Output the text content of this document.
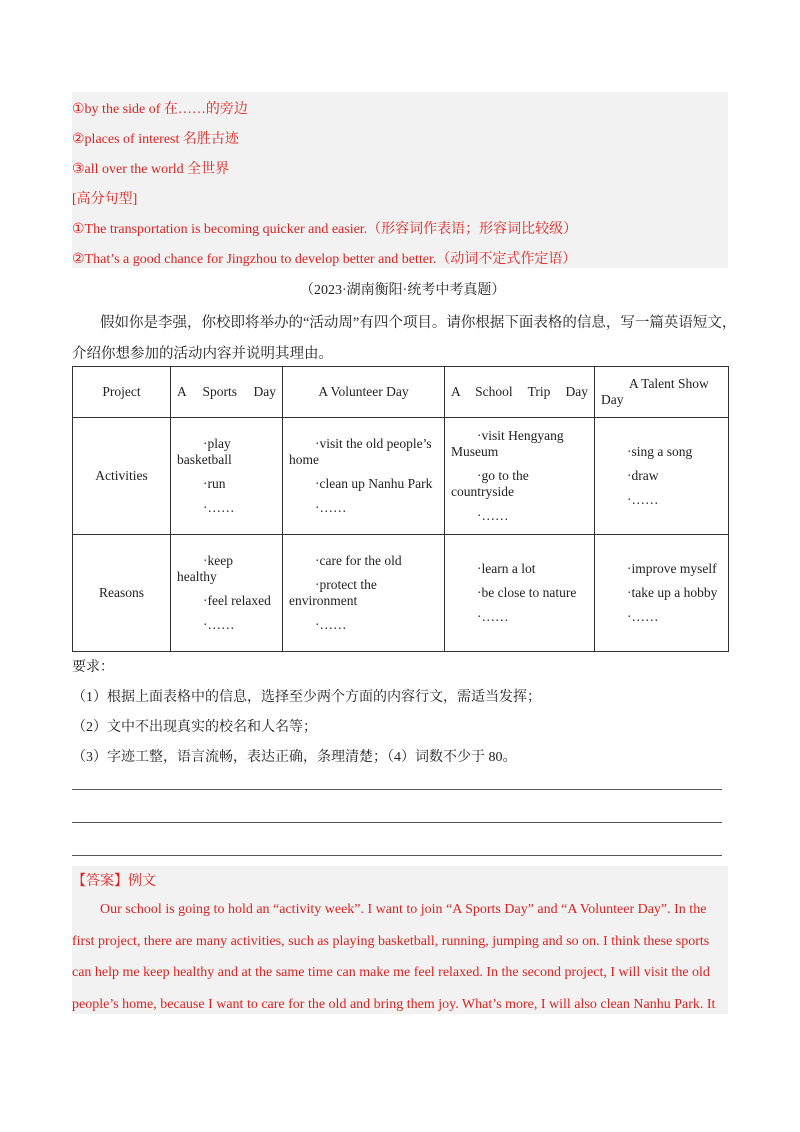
①by the side of 在……的旁边
②places of interest 名胜古迹
③all over the world 全世界
[高分句型]
①The transportation is becoming quicker and easier.（形容词作表语；形容词比较级）
②That’s a good chance for Jingzhou to develop better and better.（动词不定式作定语）
（2023·湖南衡阳·统考中考真题）
假如你是李强，你校即将举办的“活动周”有四个项目。请你根据下面表格的信息，写一篇英语短文，
介绍你想参加的活动内容并说明其理由。
Project	A Sports Day	A Volunteer Day	A School Trip Day	A Talent Show Day
Activities	·play basketball
·run
·……	·visit the old people’s home
·clean up Nanhu Park
·……	·visit Hengyang Museum
·go to the countryside
·……	·sing a song
·draw
·……

Reasons	·keep healthy
·feel relaxed
·……	·care for the old
·protect the environment
·……	·learn a lot
·be close to nature
·……	·improve myself
·take up a hobby
·……
要求：
（1）根据上面表格中的信息，选择至少两个方面的内容行文，需适当发挥；
（2）文中不出现真实的校名和人名等；
（3）字迹工整，语言流畅，表达正确，条理清楚；（4）词数不少于 80。
【答案】例文
Our school is going to hold an “activity week”. I want to join “A Sports Day” and “A Volunteer Day”. In the first project, there are many activities, such as playing basketball, running, jumping and so on. I think these sports can help me keep healthy and at the same time can make me feel relaxed. In the second project, I will visit the old people’s home, because I want to care for the old and bring them joy. What’s more, I will also clean Nanhu Park. It
